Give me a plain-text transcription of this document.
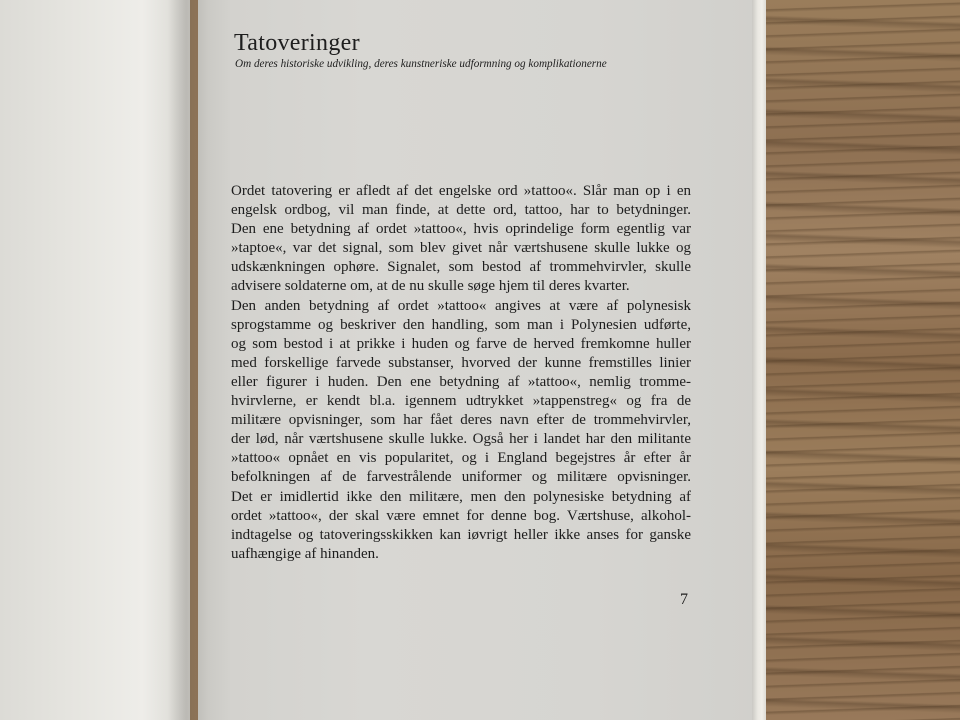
Tatoveringer
Om deres historiske udvikling, deres kunstneriske udformning og komplikationerne
Ordet tatovering er afledt af det engelske ord »tattoo«. Slår man op i en
engelsk ordbog, vil man finde, at dette ord, tattoo, har to betydninger.
Den ene betydning af ordet »tattoo«, hvis oprindelige form egentlig var
»taptoe«, var det signal, som blev givet når værtshusene skulle lukke og
udskænkningen ophøre. Signalet, som bestod af trommehvirvler, skulle
advisere soldaterne om, at de nu skulle søge hjem til deres kvarter.
Den anden betydning af ordet »tattoo« angives at være af polynesisk
sprogstamme og beskriver den handling, som man i Polynesien udførte,
og som bestod i at prikke i huden og farve de herved fremkomne huller
med forskellige farvede substanser, hvorved der kunne fremstilles linier
eller figurer i huden. Den ene betydning af »tattoo«, nemlig tromme-
hvirvlerne, er kendt bl.a. igennem udtrykket »tappenstreg« og fra de
militære opvisninger, som har fået deres navn efter de trommehvirvler,
der lød, når værtshusene skulle lukke. Også her i landet har den militante
»tattoo« opnået en vis popularitet, og i England begejstres år efter år
befolkningen af de farvestrålende uniformer og militære opvisninger.
Det er imidlertid ikke den militære, men den polynesiske betydning af
ordet »tattoo«, der skal være emnet for denne bog. Værtshuse, alkohol-
indtagelse og tatoveringsskikken kan iøvrigt heller ikke anses for ganske
uafhængige af hinanden.
7
